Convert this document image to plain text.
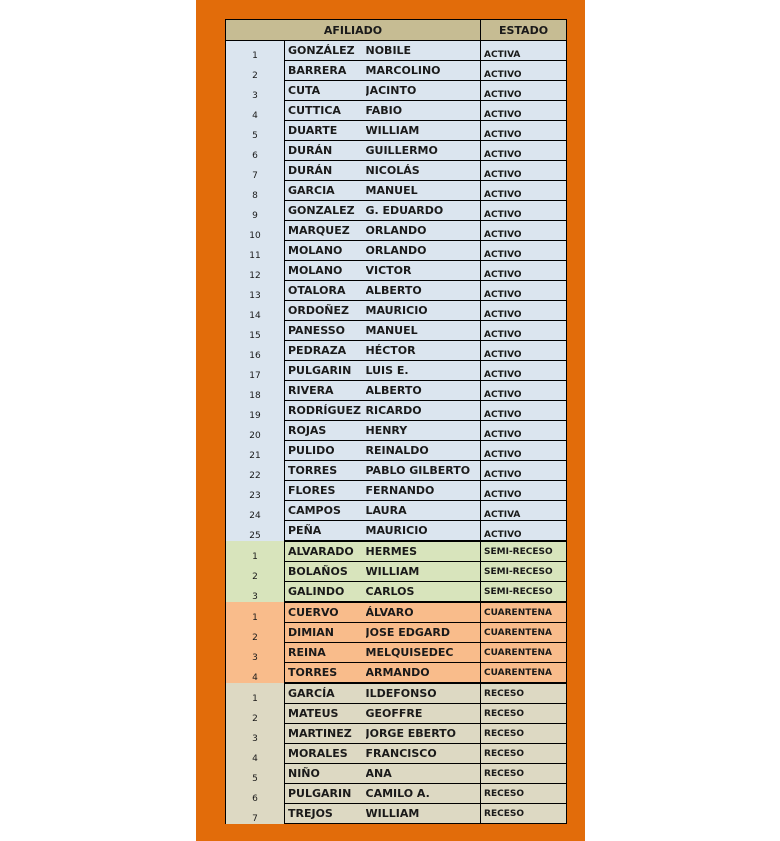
AFILIADO			ESTADO
1	GONZÁLEZ	NOBILE	ACTIVA
2	BARRERA	MARCOLINO	ACTIVO
3	CUTA	JACINTO	ACTIVO
4	CUTTICA	FABIO	ACTIVO
5	DUARTE	WILLIAM	ACTIVO
6	DURÁN	GUILLERMO	ACTIVO
7	DURÁN	NICOLÁS	ACTIVO
8	GARCIA	MANUEL	ACTIVO
9	GONZALEZ	G. EDUARDO	ACTIVO
10	MARQUEZ	ORLANDO	ACTIVO
11	MOLANO	ORLANDO	ACTIVO
12	MOLANO	VICTOR	ACTIVO
13	OTALORA	ALBERTO	ACTIVO
14	ORDOÑEZ	MAURICIO	ACTIVO
15	PANESSO	MANUEL	ACTIVO
16	PEDRAZA	HÉCTOR	ACTIVO
17	PULGARIN	LUIS E.	ACTIVO
18	RIVERA	ALBERTO	ACTIVO
19	RODRÍGUEZ	RICARDO	ACTIVO
20	ROJAS	HENRY	ACTIVO
21	PULIDO	REINALDO	ACTIVO
22	TORRES	PABLO GILBERTO	ACTIVO
23	FLORES	FERNANDO	ACTIVO
24	CAMPOS	LAURA	ACTIVA
25	PEÑA	MAURICIO	ACTIVO
1	ALVARADO	HERMES	SEMI-RECESO
2	BOLAÑOS	WILLIAM	SEMI-RECESO
3	GALINDO	CARLOS	SEMI-RECESO
1	CUERVO	ÁLVARO	CUARENTENA
2	DIMIAN	JOSE EDGARD	CUARENTENA
3	REINA	MELQUISEDEC	CUARENTENA
4	TORRES	ARMANDO	CUARENTENA
1	GARCÍA	ILDEFONSO	RECESO
2	MATEUS	GEOFFRE	RECESO
3	MARTINEZ	JORGE EBERTO	RECESO
4	MORALES	FRANCISCO	RECESO
5	NIÑO	ANA	RECESO
6	PULGARIN	CAMILO A.	RECESO
7	TREJOS	WILLIAM	RECESO
